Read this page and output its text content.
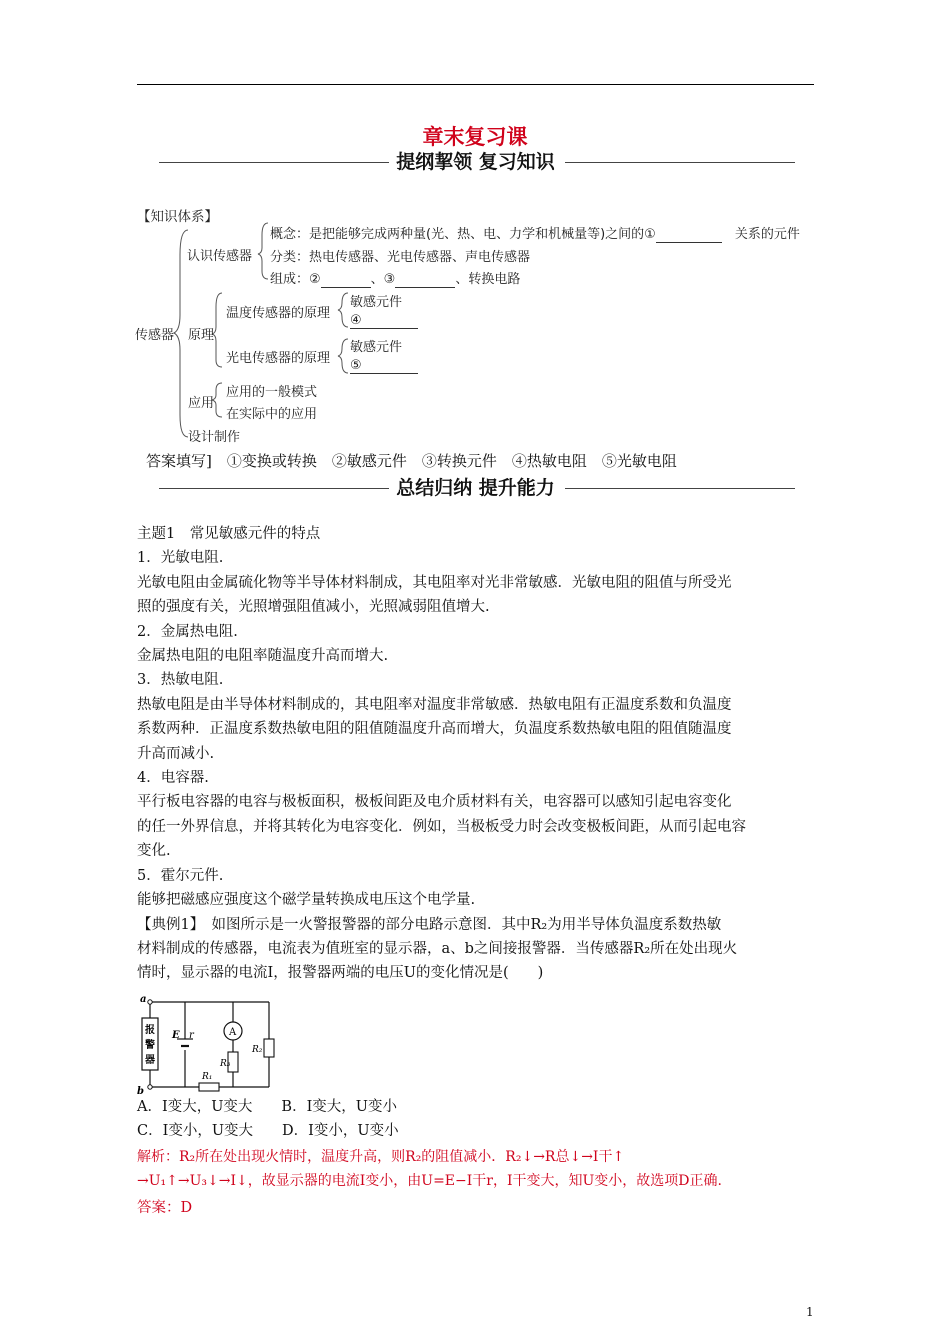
章末复习课
提纲挈领 复习知识
【知识体系】
传感器
认识传感器
概念：是把能够完成两种量(光、热、电、力学和机械量等)之间的① 　	关系的元件
分类：热电传感器、光电传感器、声电传感器
组成：②	、③	、转换电路
原理
温度传感器的原理
光电传感器的原理
敏感元件
④
敏感元件
⑤
应用
应用的一般模式
在实际中的应用
设计制作
答案填写]　①变换或转换　②敏感元件　③转换元件　④热敏电阻　⑤光敏电阻
总结归纳 提升能力

主题1　常见敏感元件的特点

1．光敏电阻.

光敏电阻由金属硫化物等半导体材料制成，其电阻率对光非常敏感．光敏电阻的阻值与所受光

照的强度有关，光照增强阻值减小，光照减弱阻值增大.

2．金属热电阻.

金属热电阻的电阻率随温度升高而增大.

3．热敏电阻.

热敏电阻是由半导体材料制成的，其电阻率对温度非常敏感．热敏电阻有正温度系数和负温度

系数两种．正温度系数热敏电阻的阻值随温度升高而增大，负温度系数热敏电阻的阻值随温度

升高而减小.

4．电容器.

平行板电容器的电容与极板面积，极板间距及电介质材料有关，电容器可以感知引起电容变化

的任一外界信息，并将其转化为电容变化．例如，当极板受力时会改变极板间距，从而引起电容

变化.

5．霍尔元件.

能够把磁感应强度这个磁学量转换成电压这个电学量.

【典例1】　如图所示是一火警报警器的部分电路示意图．其中R₂为用半导体负温度系数热敏

材料制成的传感器，电流表为值班室的显示器，a、b之间接报警器．当传感器R₂所在处出现火

情时，显示器的电流I，报警器两端的电压U的变化情况是(　　)

a
b
报警器
E r	A
R₃
R₂
R₁

A．I变大，U变大　　B．I变大，U变小

C．I变小，U变大　　D．I变小，U变小

解析：R₂所在处出现火情时，温度升高，则R₂的阻值减小．R₂↓→R总↓→I干↑

→U₁↑→U₃↓→I↓，故显示器的电流I变小，由U=E−I干r，I干变大，知U变小，故选项D正确.

答案：D
1
